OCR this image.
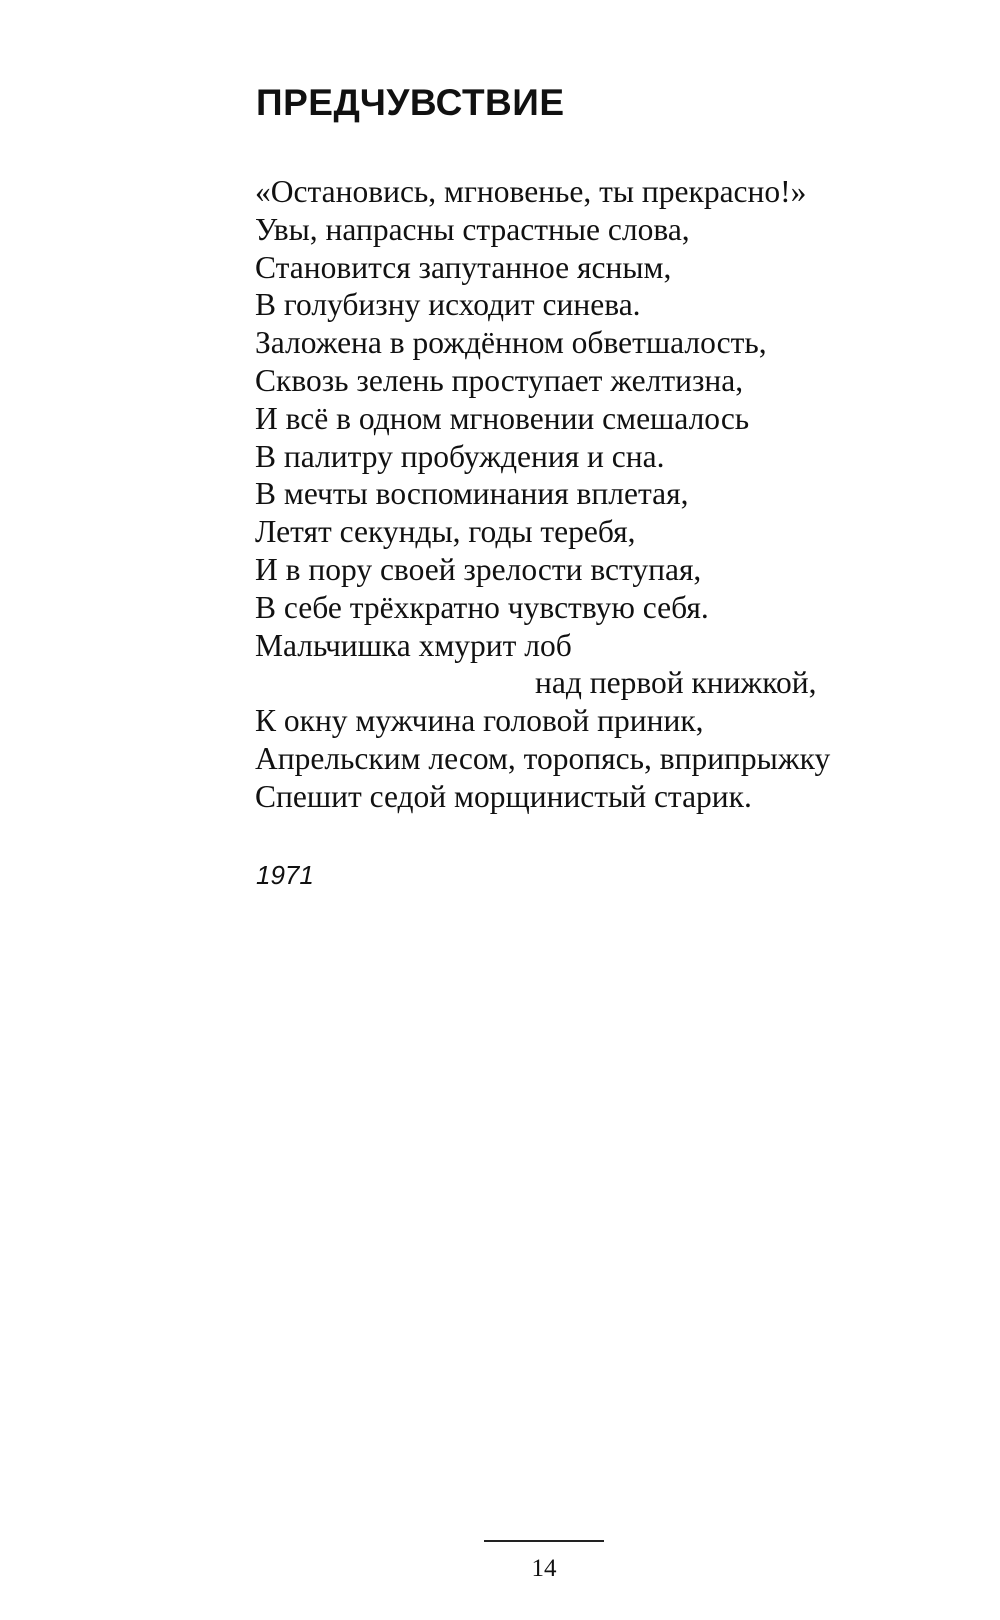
ПРЕДЧУВСТВИЕ
«Остановись, мгновенье, ты прекрасно!»
Увы, напрасны страстные слова,
Становится запутанное ясным,
В голубизну исходит синева.
Заложена в рождённом обветшалость,
Сквозь зелень проступает желтизна,
И всё в одном мгновении смешалось
В палитру пробуждения и сна.
В мечты воспоминания вплетая,
Летят секунды, годы теребя,
И в пору своей зрелости вступая,
В себе трёхкратно чувствую себя.
Мальчишка хмурит лоб
над первой книжкой,
К окну мужчина головой приник,
Апрельским лесом, торопясь, вприпрыжку
Спешит седой морщинистый старик.
1971
14
